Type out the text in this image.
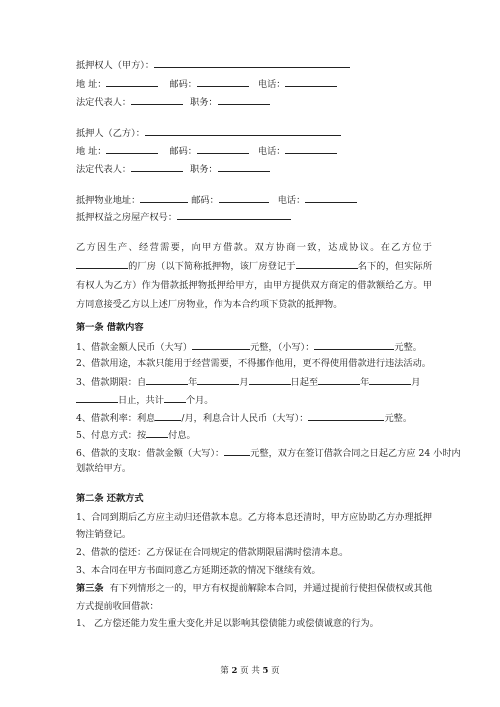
抵押权人（甲方）：
地 址：	邮码：	电话：
法定代表人：	职务：
抵押人（乙方）：
地 址：	邮码：	电话：
法定代表人：	职务：
抵押物业地址：	邮码：	电话：
抵押权益之房屋产权号：
乙方因生产、经营需要，向甲方借款。双方协商一致，达成协议。在乙方位于的厂房（以下简称抵押物，该厂房登记于	名下的，但实际所有权人为乙方）作为借款抵押物抵押给甲方，由甲方提供双方商定的借款额给乙方。甲方同意接受乙方以上述厂房物业，作为本合约项下贷款的抵押物。
第一条 借款内容
1、借款金额人民币（大写）	元整，（小写）：	元整。
2、借款用途，本款只能用于经营需要，不得挪作他用，更不得使用借款进行违法活动。
3、借款期限：自	年	月	日起至	年	月
日止，共计 个月。
4、借款利率：利息	/月，利息合计人民币（大写）：	元整。
5、付息方式：按 付息。
6、借款的支取：借款金额（大写）：	元整，双方在签订借款合同之日起乙方应 24 小时内
划款给甲方。
第二条 还款方式
1、合同到期后乙方应主动归还借款本息。乙方将本息还清时，甲方应协助乙方办理抵押物注销登记。
2、借款的偿还：乙方保证在合同规定的借款期限届满时偿清本息。
3、本合同在甲方书面同意乙方延期还款的情况下继续有效。
第三条 有下列情形之一的，甲方有权提前解除本合同，并通过提前行使担保债权或其他方式提前收回借款：
1、 乙方偿还能力发生重大变化并足以影响其偿债能力或偿债诚意的行为。
第 2 页 共 5 页
